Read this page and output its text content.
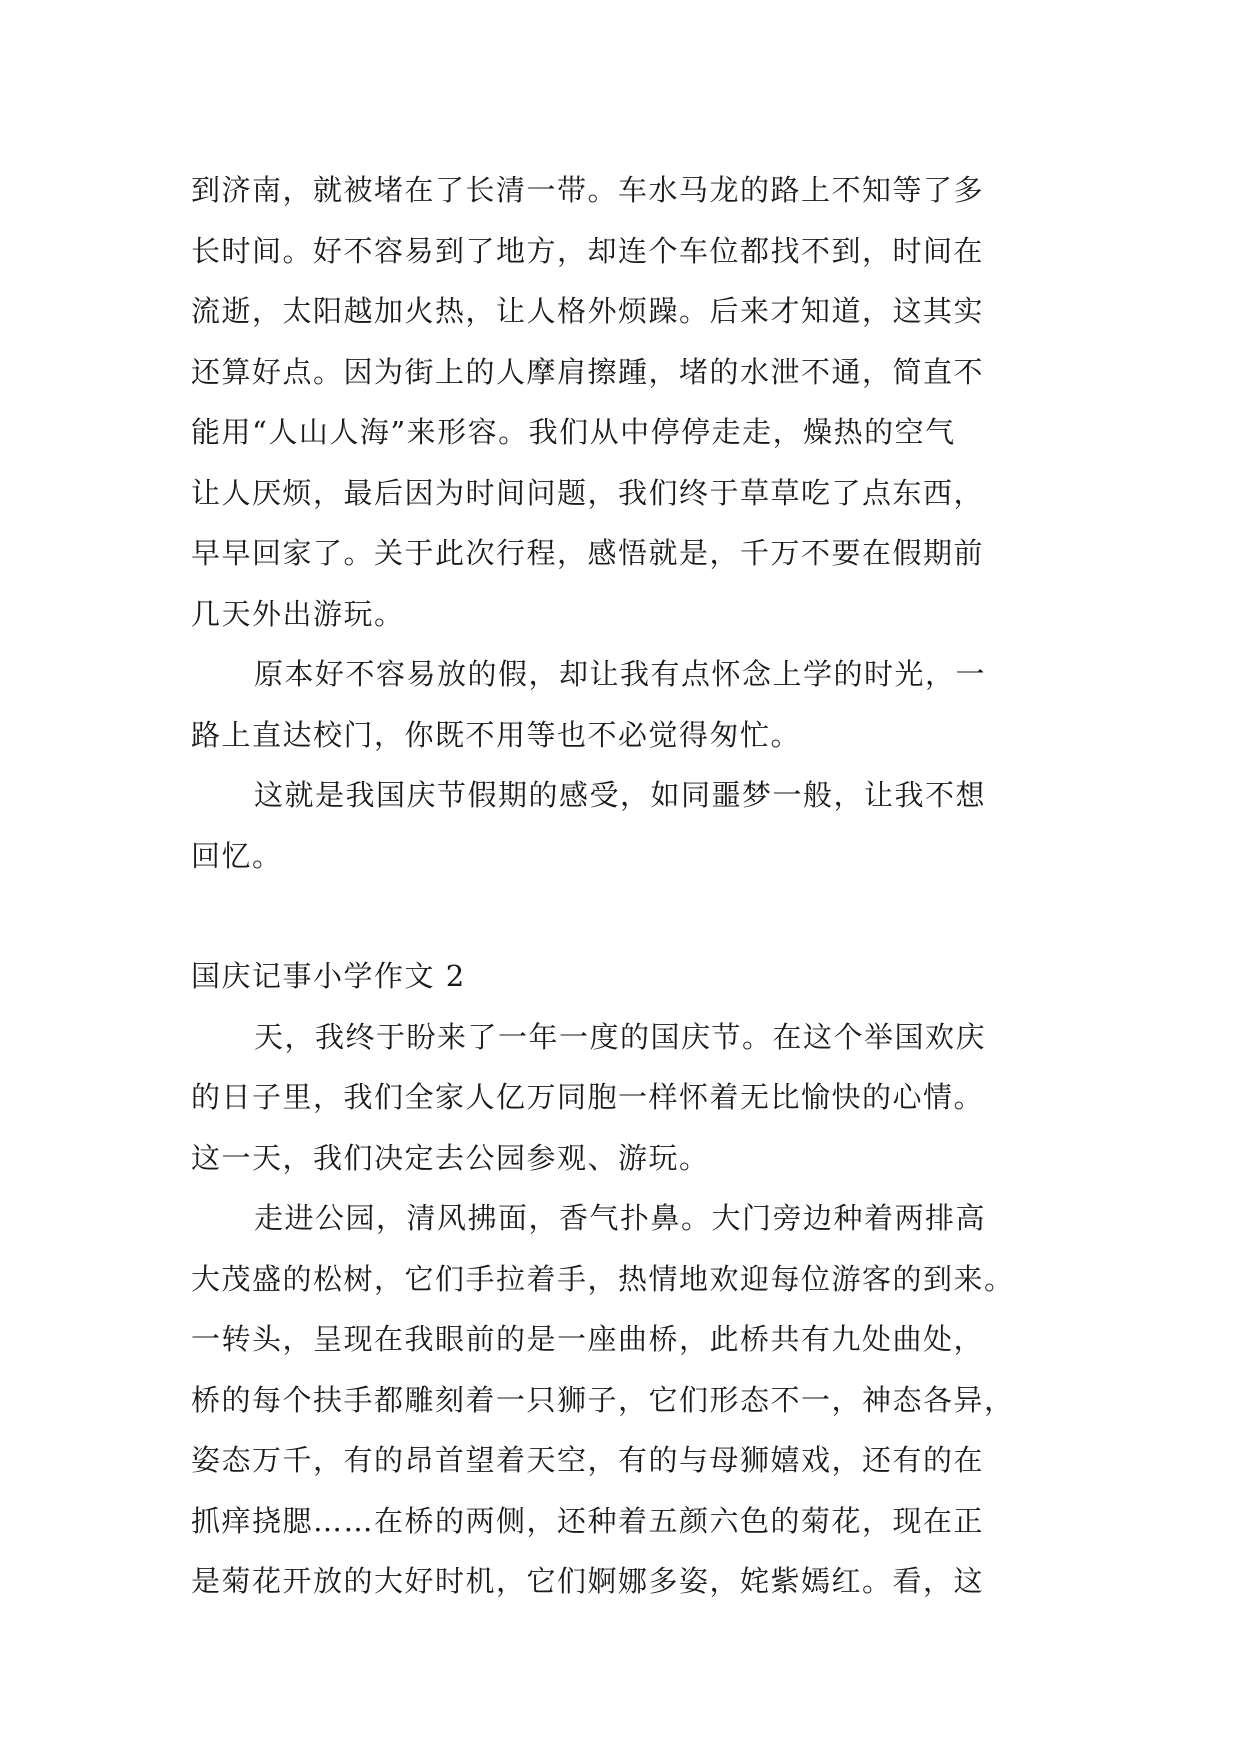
到济南，就被堵在了长清一带。车水马龙的路上不知等了多
长时间。好不容易到了地方，却连个车位都找不到，时间在
流逝，太阳越加火热，让人格外烦躁。后来才知道，这其实
还算好点。因为街上的人摩肩擦踵，堵的水泄不通，简直不
能用“人山人海”来形容。我们从中停停走走，燥热的空气
让人厌烦，最后因为时间问题，我们终于草草吃了点东西，
早早回家了。关于此次行程，感悟就是，千万不要在假期前
几天外出游玩。
原本好不容易放的假，却让我有点怀念上学的时光，一
路上直达校门，你既不用等也不必觉得匆忙。
这就是我国庆节假期的感受，如同噩梦一般，让我不想
回忆。
国庆记事小学作文 2
天，我终于盼来了一年一度的国庆节。在这个举国欢庆
的日子里，我们全家人亿万同胞一样怀着无比愉快的心情。
这一天，我们决定去公园参观、游玩。
走进公园，清风拂面，香气扑鼻。大门旁边种着两排高
大茂盛的松树，它们手拉着手，热情地欢迎每位游客的到来。
一转头，呈现在我眼前的是一座曲桥，此桥共有九处曲处，
桥的每个扶手都雕刻着一只狮子，它们形态不一，神态各异，
姿态万千，有的昂首望着天空，有的与母狮嬉戏，还有的在
抓痒挠腮……在桥的两侧，还种着五颜六色的菊花，现在正
是菊花开放的大好时机，它们婀娜多姿，姹紫嫣红。看，这
